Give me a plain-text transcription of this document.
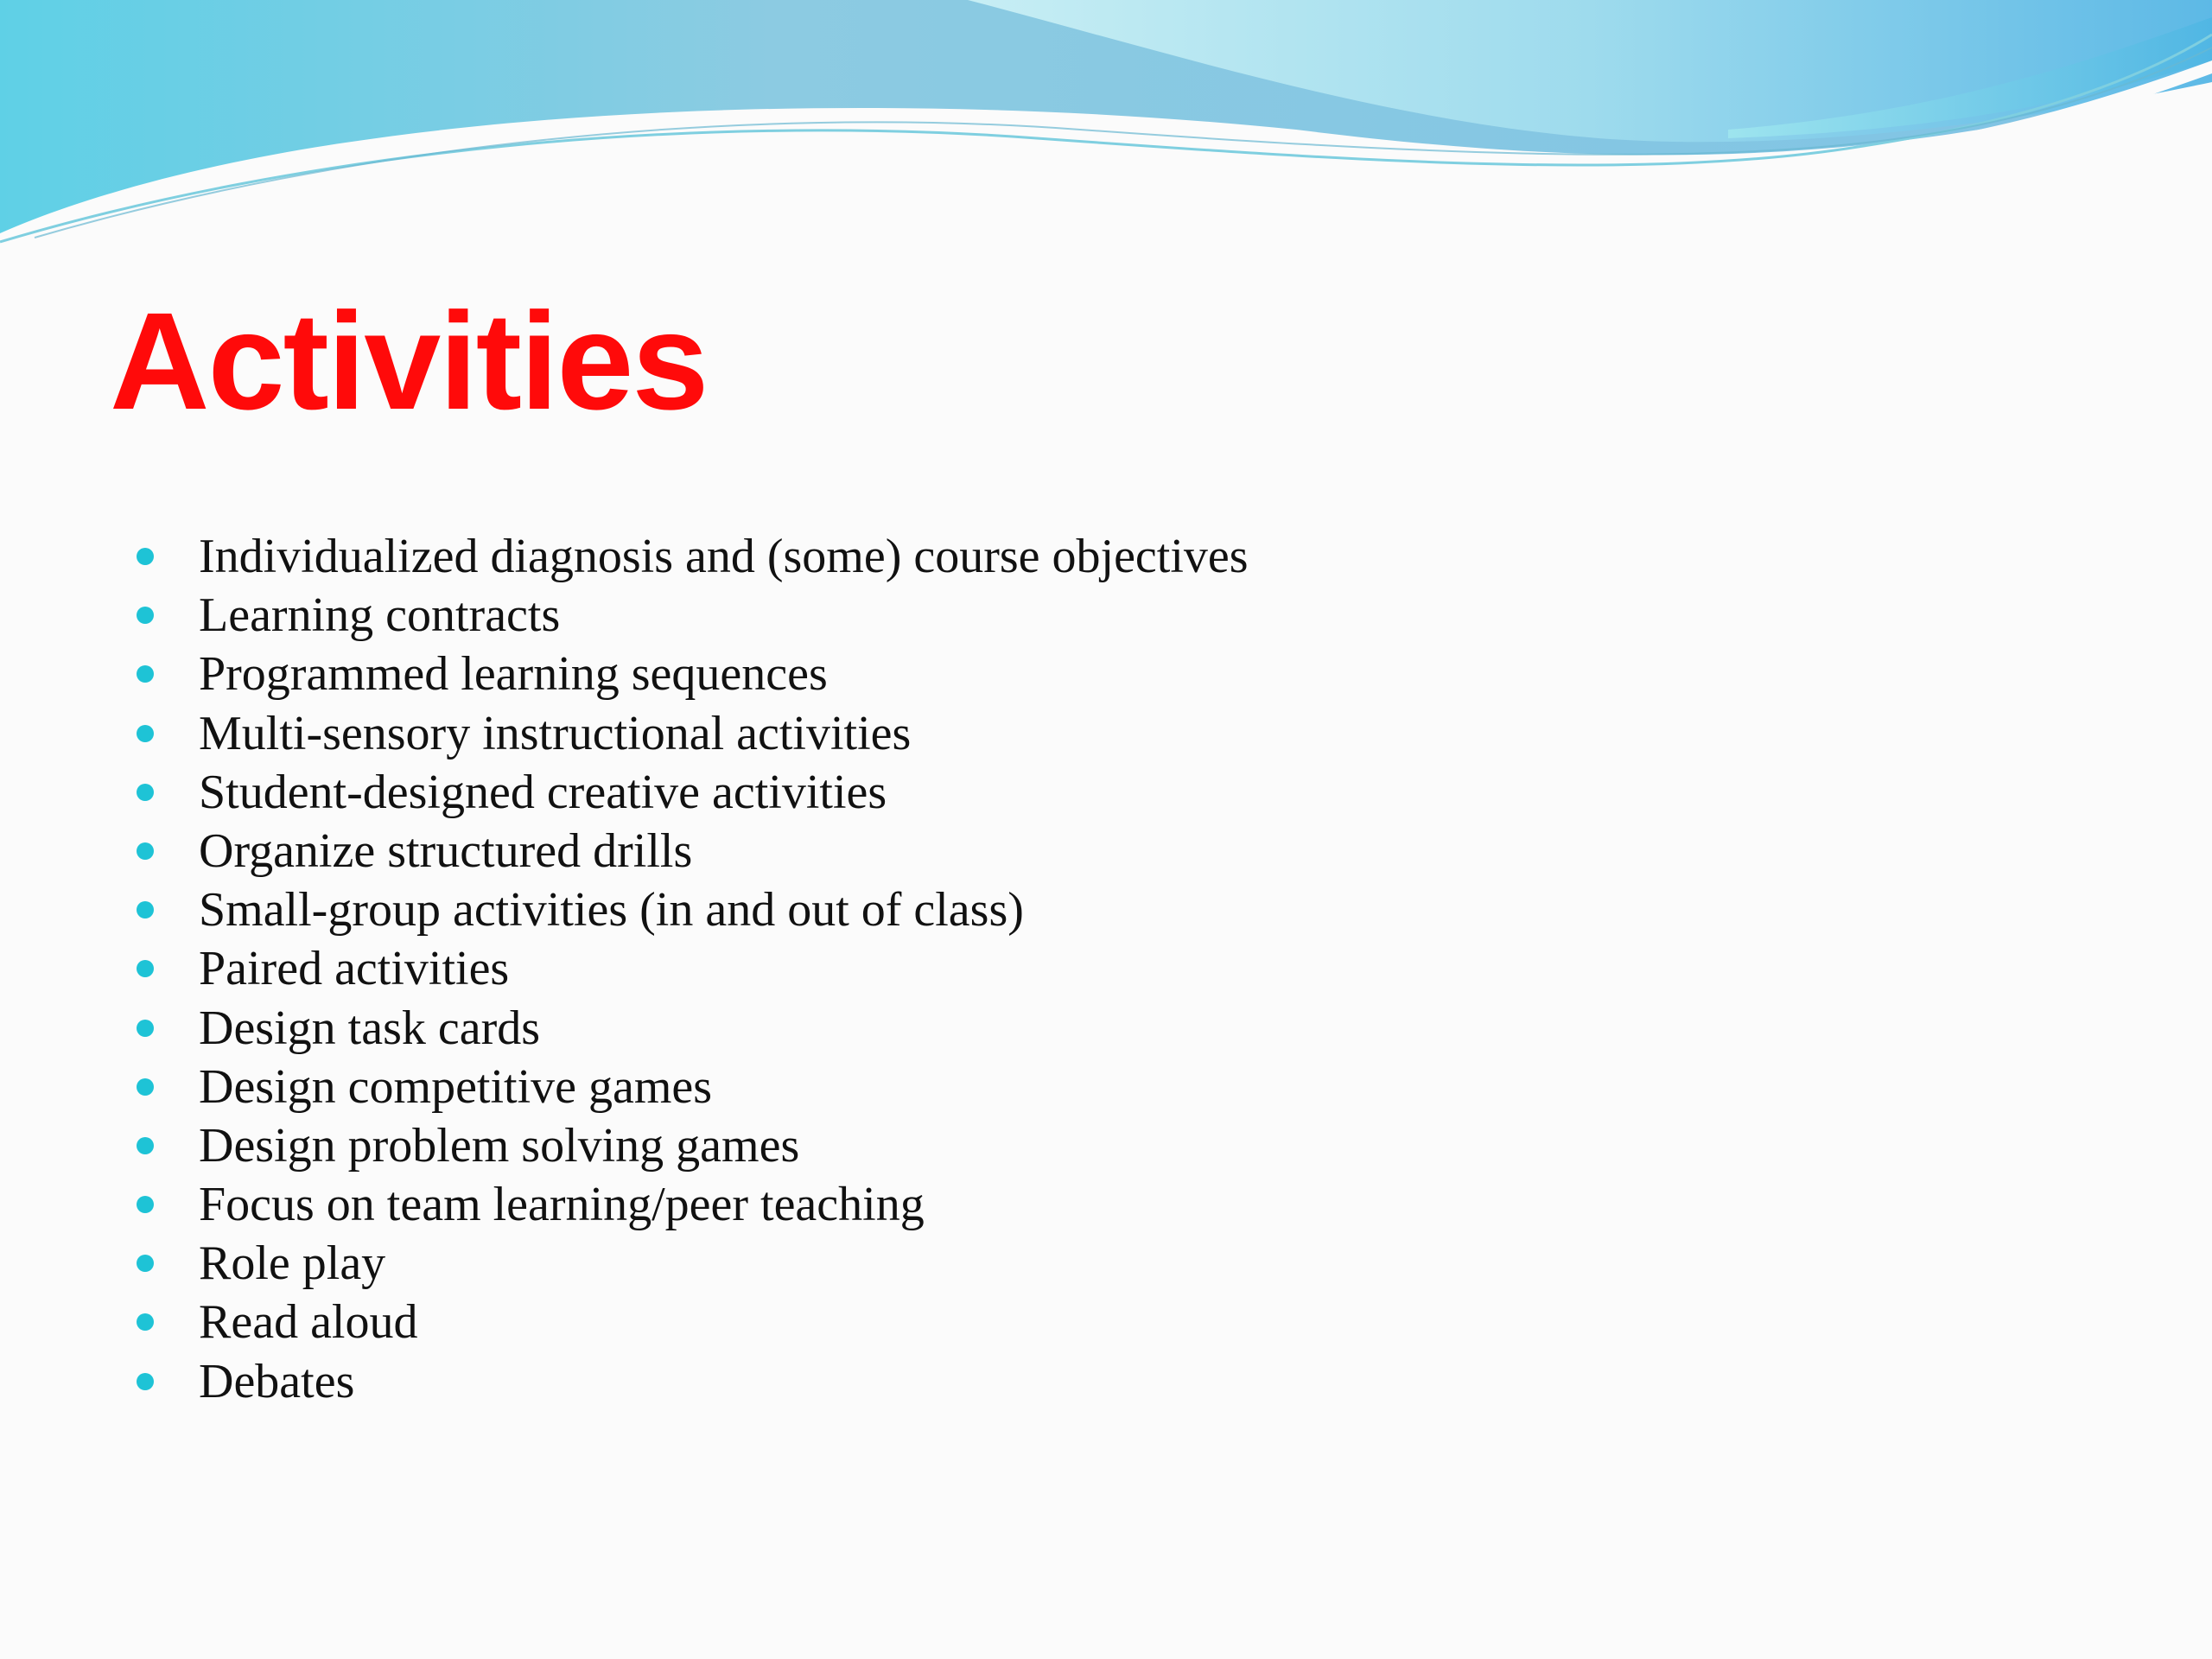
Activities
Individualized diagnosis and (some) course objectives
Learning contracts
Programmed learning sequences
Multi-sensory instructional activities
Student-designed creative activities
Organize structured drills
Small-group activities (in and out of class)
Paired activities
Design task cards
Design competitive games
Design problem solving games
Focus on team learning/peer teaching
Role play
Read aloud
Debates
